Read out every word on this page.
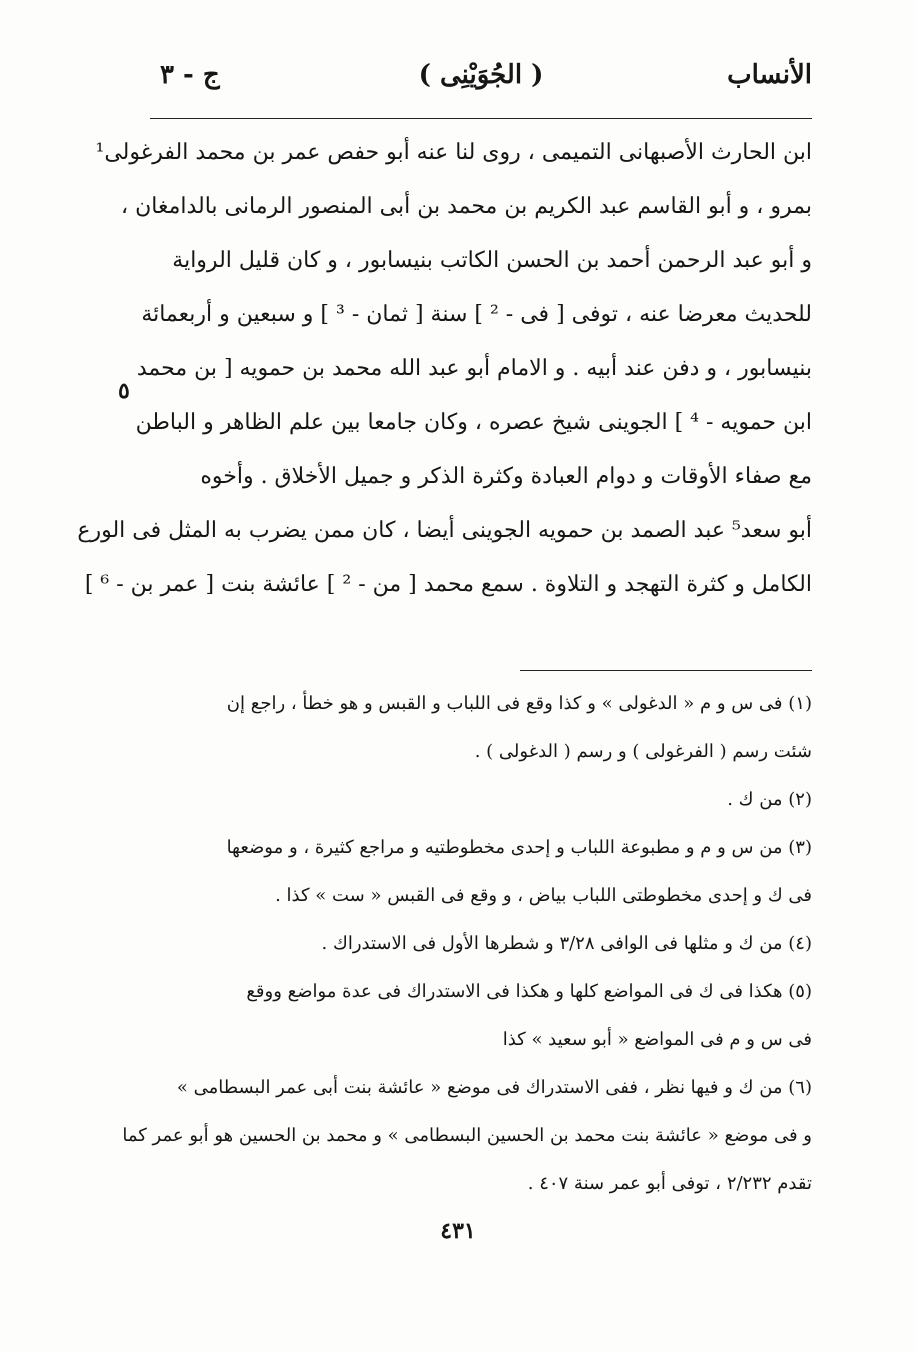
الأنساب
( الجُوَيْنِى )
ج - ٣
ابن الحارث الأصبهانى التميمى ، روى لنا عنه أبو حفص عمر بن محمد الفرغولى¹
بمرو ، و أبو القاسم عبد الكريم بن محمد بن أبى المنصور الرمانى بالدامغان ،
و أبو عبد الرحمن أحمد بن الحسن الكاتب بنيسابور ، و كان قليل الرواية
للحديث معرضا عنه ، توفى [ فى - ² ] سنة [ ثمان - ³ ] و سبعين و أربعمائة
بنيسابور ، و دفن عند أبيه . و الامام أبو عبد الله محمد بن حمويه [ بن محمد
ابن حمويه - ⁴ ] الجوينى شيخ عصره ، وكان جامعا بين علم الظاهر و الباطن
مع صفاء الأوقات و دوام العبادة وكثرة الذكر و جميل الأخلاق . وأخوه
أبو سعد⁵ عبد الصمد بن حمويه الجوينى أيضا ، كان ممن يضرب به المثل فى الورع
الكامل و كثرة التهجد و التلاوة . سمع محمد [ من - ² ] عائشة بنت [ عمر بن - ⁶ ]
٥
(١) فى س و م « الدغولى » و كذا وقع فى اللباب و القبس و هو خطأ ، راجع إن
شئت رسم ( الفرغولى ) و رسم ( الدغولى ) .
(٢) من ك .
(٣) من س و م و مطبوعة اللباب و إحدى مخطوطتيه و مراجع كثيرة ، و موضعها
فى ك و إحدى مخطوطتى اللباب بياض ، و وقع فى القبس « ست » كذا .
(٤) من ك و مثلها فى الوافى ٣/٢٨ و شطرها الأول فى الاستدراك .
(٥) هكذا فى ك فى المواضع كلها و هكذا فى الاستدراك فى عدة مواضع ووقع
فى س و م فى المواضع « أبو سعيد » كذا
(٦) من ك و فيها نظر ، ففى الاستدراك فى موضع « عائشة بنت أبى عمر البسطامى »
و فى موضع « عائشة بنت محمد بن الحسين البسطامى » و محمد بن الحسين هو أبو عمر كما
تقدم ٢/٢٣٢ ، توفى أبو عمر سنة ٤٠٧ .
٤٣١
